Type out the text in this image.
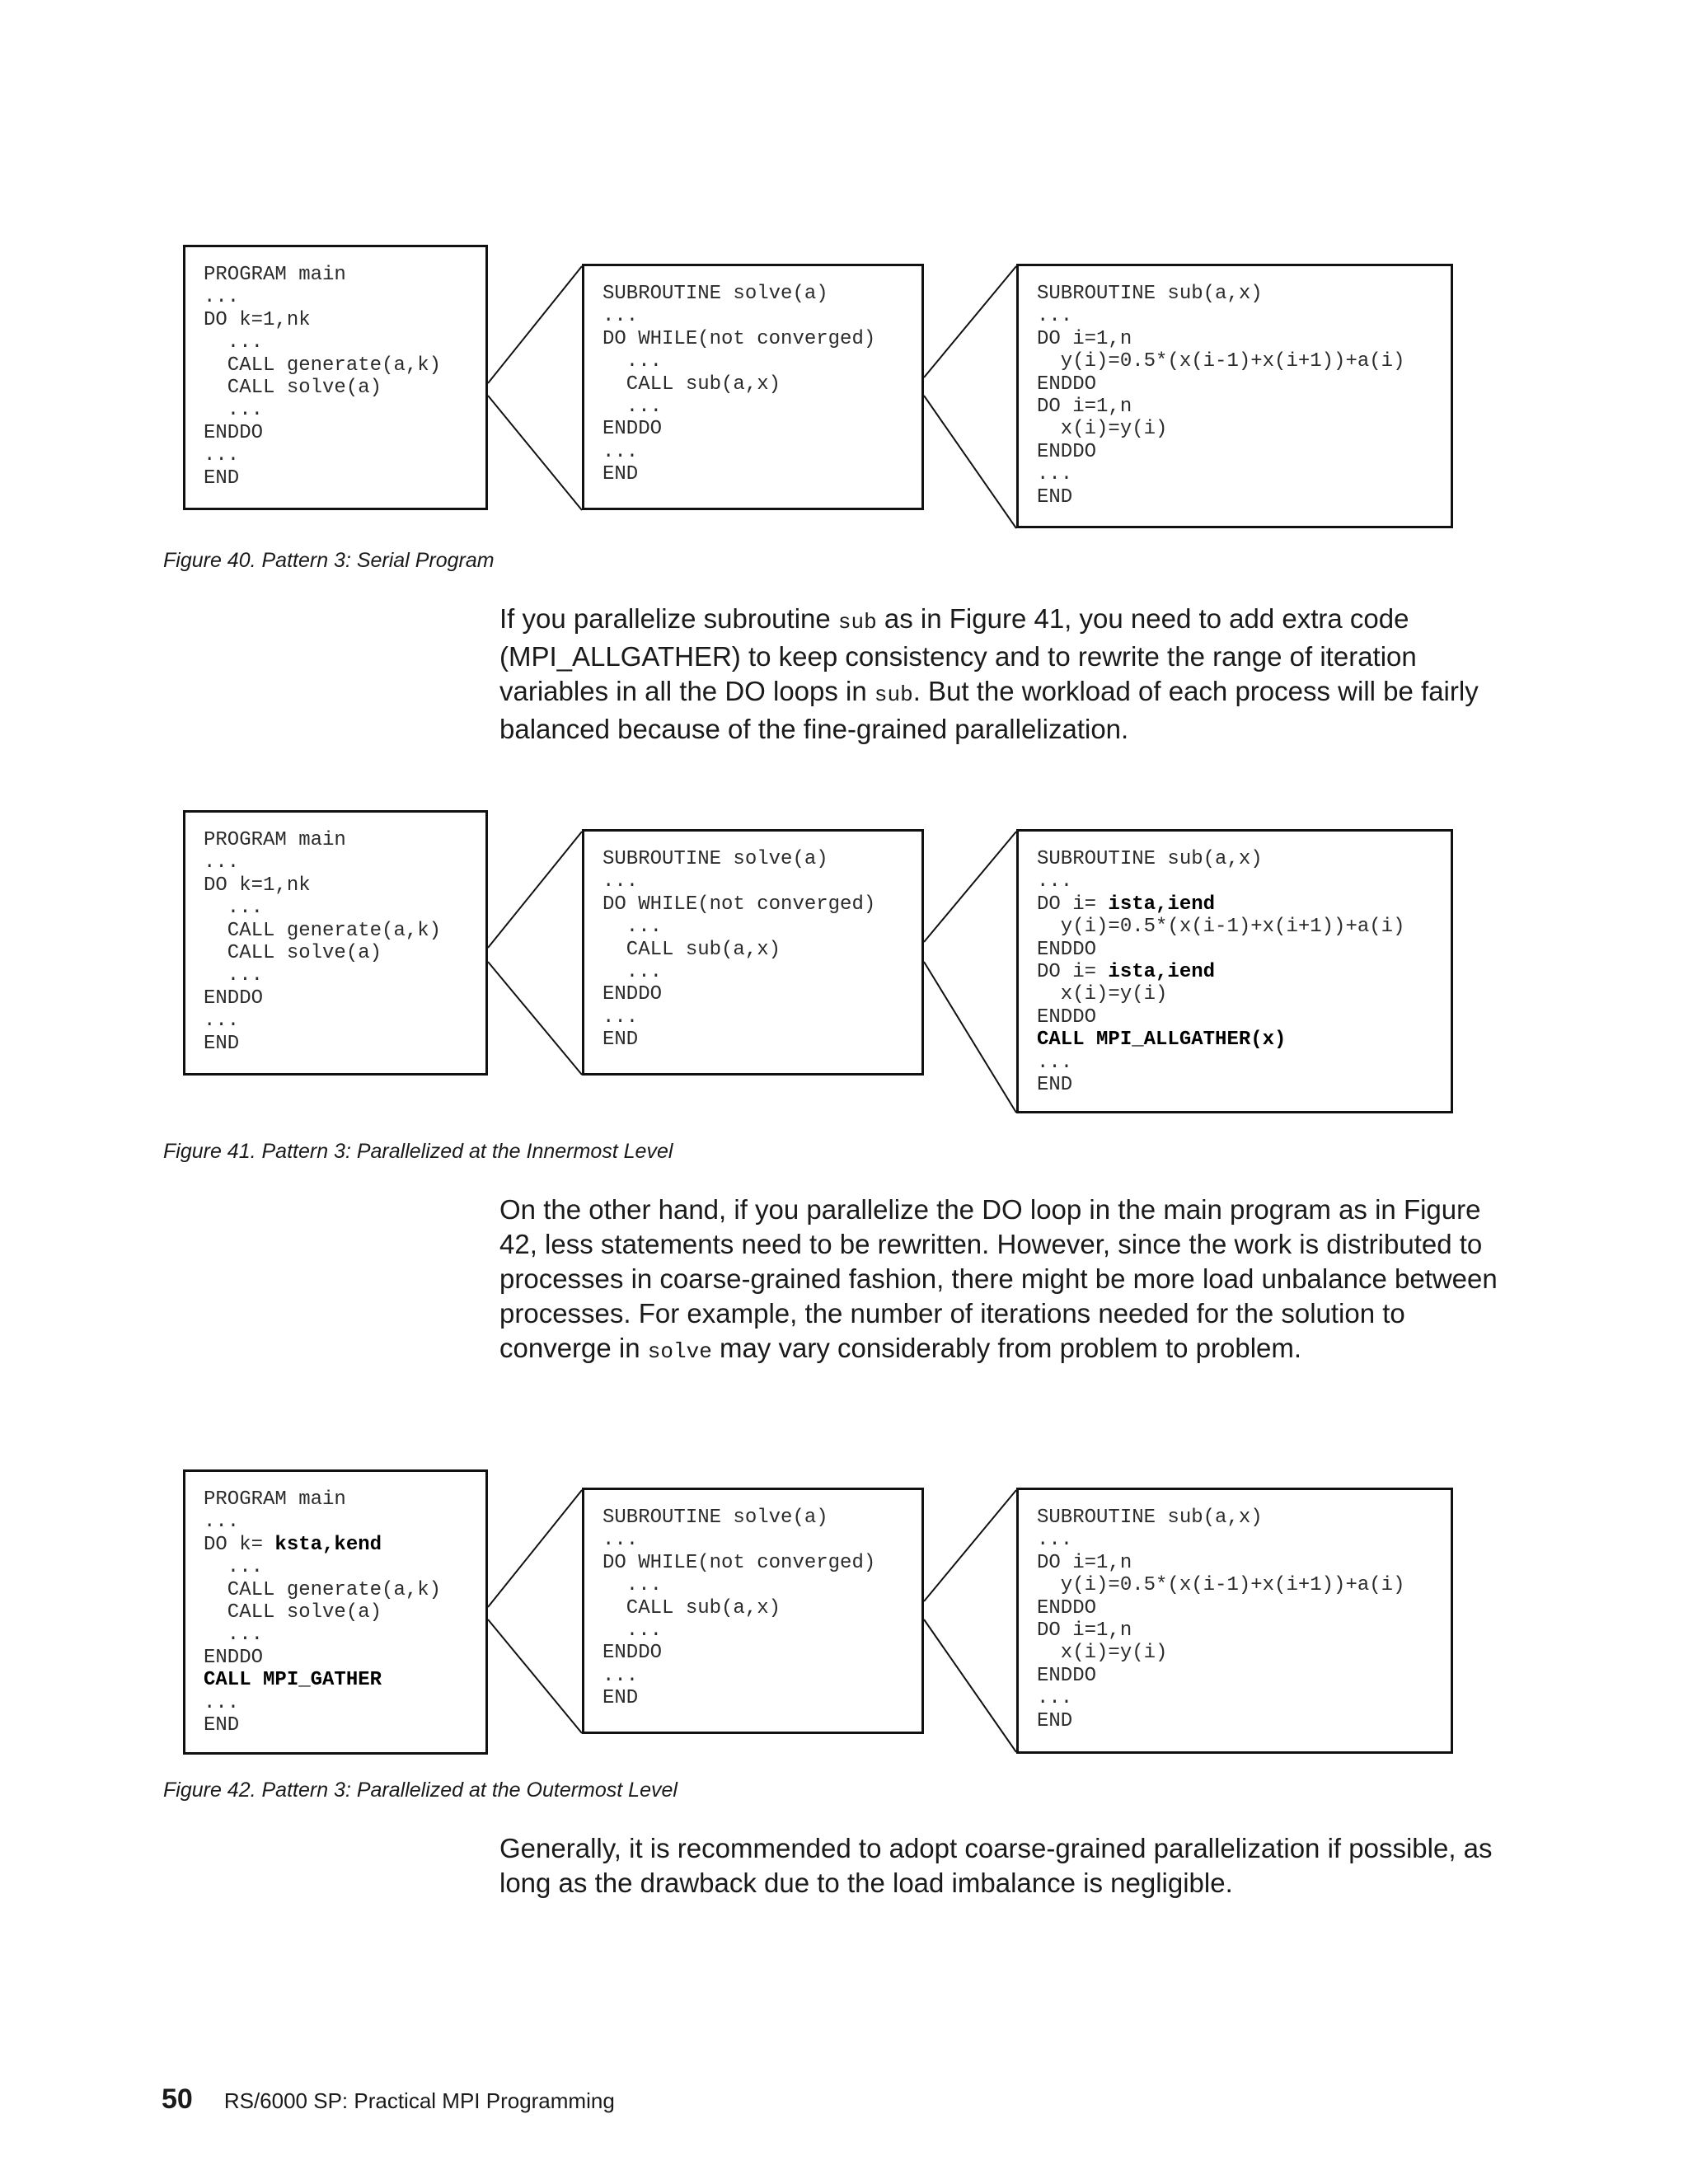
PROGRAM main
...
DO k=1,nk
...
CALL generate(a,k)
CALL solve(a)
...
ENDDO
...
END
SUBROUTINE solve(a)
...
DO WHILE(not converged)
...
CALL sub(a,x)
...
ENDDO
...
END
SUBROUTINE sub(a,x)
...
DO i=1,n
y(i)=0.5*(x(i-1)+x(i+1))+a(i)
ENDDO
DO i=1,n
x(i)=y(i)
ENDDO
...
END
Figure 40. Pattern 3: Serial Program

If you parallelize subroutine sub as in Figure 41, you need to add extra code (MPI_ALLGATHER) to keep consistency and to rewrite the range of iteration variables in all the DO loops in sub. But the workload of each process will be fairly balanced because of the fine-grained parallelization.

PROGRAM main
...
DO k=1,nk
...
CALL generate(a,k)
CALL solve(a)
...
ENDDO
...
END
SUBROUTINE solve(a)
...
DO WHILE(not converged)
...
CALL sub(a,x)
...
ENDDO
...
END
SUBROUTINE sub(a,x)
...
DO i= ista,iend
y(i)=0.5*(x(i-1)+x(i+1))+a(i)
ENDDO
DO i= ista,iend
x(i)=y(i)
ENDDO
CALL MPI_ALLGATHER(x)
...
END
Figure 41. Pattern 3: Parallelized at the Innermost Level

On the other hand, if you parallelize the DO loop in the main program as in Figure 42, less statements need to be rewritten. However, since the work is distributed to processes in coarse-grained fashion, there might be more load unbalance between processes. For example, the number of iterations needed for the solution to converge in solve may vary considerably from problem to problem.

PROGRAM main
...
DO k= ksta,kend
...
CALL generate(a,k)
CALL solve(a)
...
ENDDO
CALL MPI_GATHER
...
END
SUBROUTINE solve(a)
...
DO WHILE(not converged)
...
CALL sub(a,x)
...
ENDDO
...
END
SUBROUTINE sub(a,x)
...
DO i=1,n
y(i)=0.5*(x(i-1)+x(i+1))+a(i)
ENDDO
DO i=1,n
x(i)=y(i)
ENDDO
...
END
Figure 42. Pattern 3: Parallelized at the Outermost Level

Generally, it is recommended to adopt coarse-grained parallelization if possible, as long as the drawback due to the load imbalance is negligible.

50 RS/6000 SP: Practical MPI Programming
